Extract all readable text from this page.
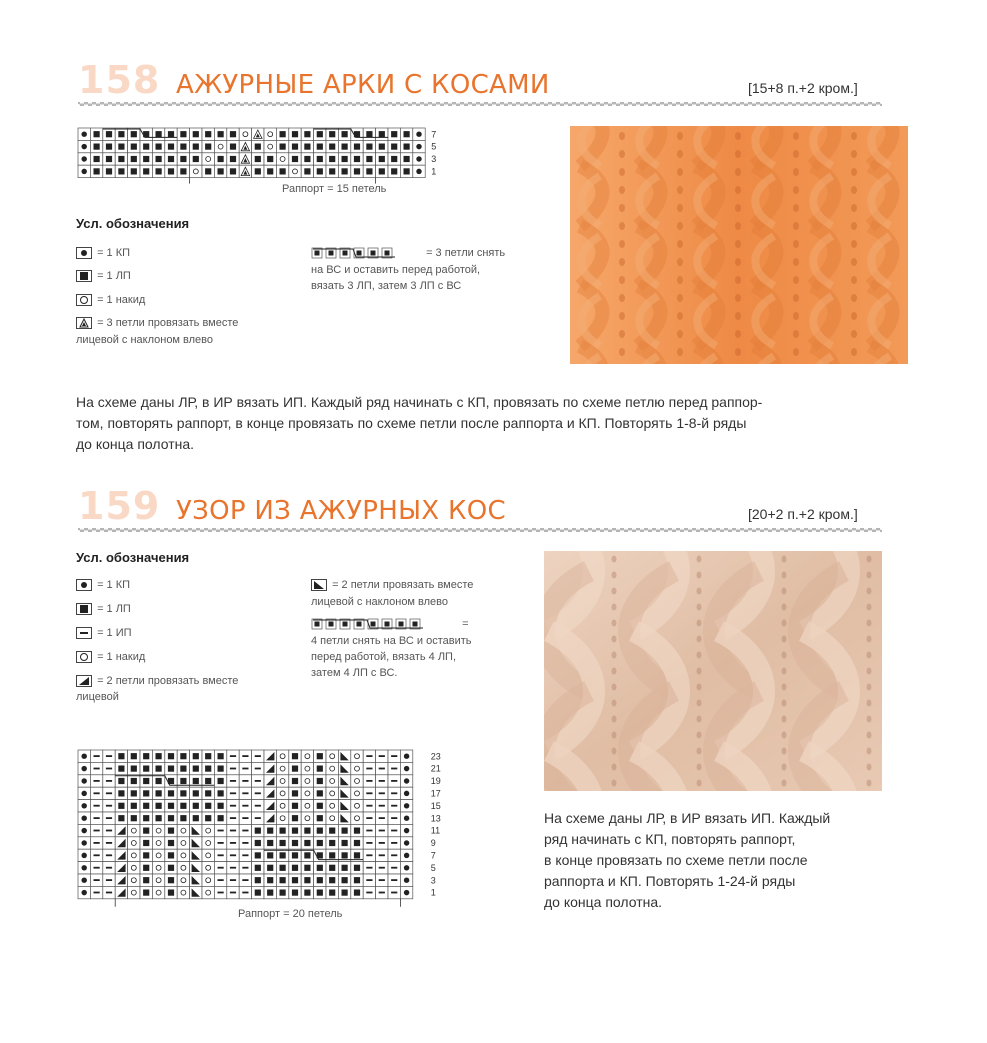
158 АЖУРНЫЕ АРКИ С КОСАМИ	[15+8 п.+2 кром.]
7
5
3
1
Раппорт = 15 петель
Усл. обозначения
= 1 КП
= 1 ЛП
= 1 накид
= 3 петли провязать вместе
лицевой с наклоном влево
= 3 петли снять
на ВС и оставить перед работой,
вязать 3 ЛП, затем 3 ЛП с ВС
На схеме даны ЛР, в ИР вязать ИП. Каждый ряд начинать с КП, провязать по схеме петлю перед раппор-
том, повторять раппорт, в конце провязать по схеме петли после раппорта и КП. Повторять 1-8-й ряды
до конца полотна.
159 УЗОР ИЗ АЖУРНЫХ КОС	[20+2 п.+2 кром.]
Усл. обозначения
= 1 КП
= 1 ЛП
= 1 ИП
= 1 накид
= 2 петли провязать вместе
лицевой
= 2 петли провязать вместе
лицевой с наклоном влево
=
4 петли снять на ВС и оставить
перед работой, вязать 4 ЛП,
затем 4 ЛП с ВС.
23
21
19
17
15
13
11
9
7
5
3
1
Раппорт = 20 петель
На схеме даны ЛР, в ИР вязать ИП. Каждый
ряд начинать с КП, повторять раппорт,
в конце провязать по схеме петли после
раппорта и КП. Повторять 1-24-й ряды
до конца полотна.
